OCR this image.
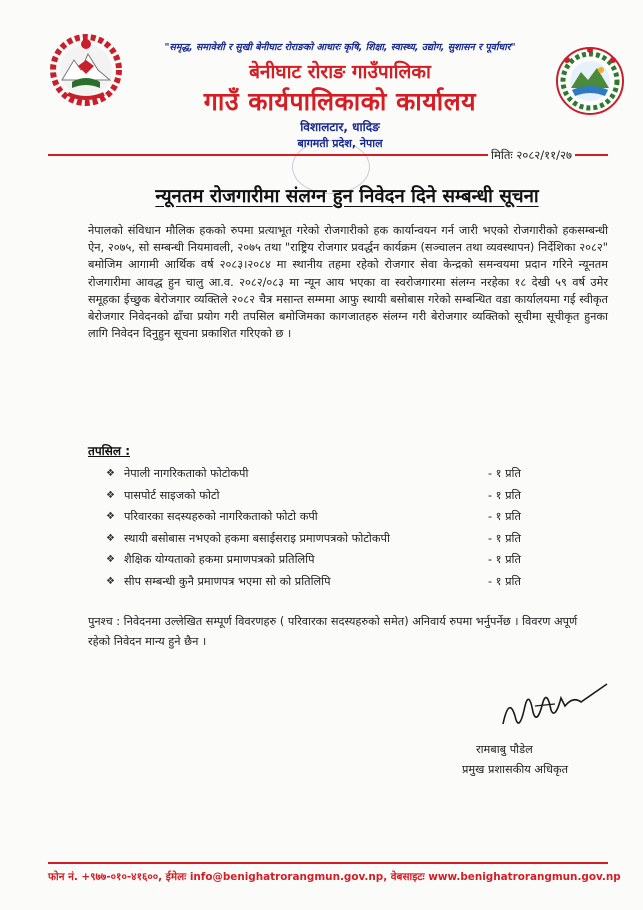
"समृद्ध, समावेशी र सुखी बेनीघाट रोराङको आधारः कृषि, शिक्षा, स्वास्थ्य, उद्योग, सुशासन र पूर्वाधार"
बेनीघाट रोराङ गाउँपालिका
गाउँ कार्यपालिकाको कार्यालय
विशालटार, धादिङ
बागमती प्रदेश, नेपाल
मितिः २०८२/११/२७
न्यूनतम रोजगारीमा संलग्न हुन निवेदन दिने सम्बन्धी सूचना
नेपालको संविधान मौलिक हकको रुपमा प्रत्याभूत गरेको रोजगारीको हक कार्यान्वयन गर्न जारी भएको रोजगारीको हकसम्बन्धी ऐन, २०७५, सो सम्बन्धी नियमावली, २०७५ तथा "राष्ट्रिय रोजगार प्रवर्द्धन कार्यक्रम (सञ्चालन तथा व्यवस्थापन) निर्देशिका २०८२" बमोजिम आगामी आर्थिक वर्ष २०८३।२०८४ मा स्थानीय तहमा रहेको रोजगार सेवा केन्द्रको समन्वयमा प्रदान गरिने न्यूनतम रोजगारीमा आवद्ध हुन चालु आ.व. २०८२/०८३ मा न्यून आय भएका वा स्वरोजगारमा संलग्न नरहेका १८ देखी ५९ वर्ष उमेर समूहका ईच्छुक बेरोजगार व्यक्तिले २०८२ चैत्र मसान्त सम्ममा आफु स्थायी बसोबास गरेको सम्बन्धित वडा कार्यालयमा गई स्वीकृत बेरोजगार निवेदनको ढाँचा प्रयोग गरी तपसिल बमोजिमका कागजातहरु संलग्न गरी बेरोजगार व्यक्तिको सूचीमा सूचीकृत हुनका लागि निवेदन दिनुहुन सूचना प्रकाशित गरिएको छ ।
तपसिल :
❖ नेपाली नागरिकताको फोटोकपी	- १ प्रति
❖ पासपोर्ट साइजको फोटो	- १ प्रति
❖ परिवारका सदस्यहरुको नागरिकताको फोटो कपी	- १ प्रति
❖ स्थायी बसोबास नभएको हकमा बसाईसराइ प्रमाणपत्रको फोटोकपी	- १ प्रति
❖ शैक्षिक योग्यताको हकमा प्रमाणपत्रको प्रतिलिपि	- १ प्रति
❖ सीप सम्बन्धी कुनै प्रमाणपत्र भएमा सो को प्रतिलिपि	- १ प्रति
पुनश्च : निवेदनमा उल्लेखित सम्पूर्ण विवरणहरु ( परिवारका सदस्यहरुको समेत) अनिवार्य रुपमा भर्नुपर्नेछ । विवरण अपूर्ण रहेको निवेदन मान्य हुने छैन ।
रामबाबु पौडेल
प्रमुख प्रशासकीय अधिकृत
फोन नं. +९७७-०१०-४१६००, ईमेलः info@benighatrorangmun.gov.np, वेबसाइटः www.benighatrorangmun.gov.np
